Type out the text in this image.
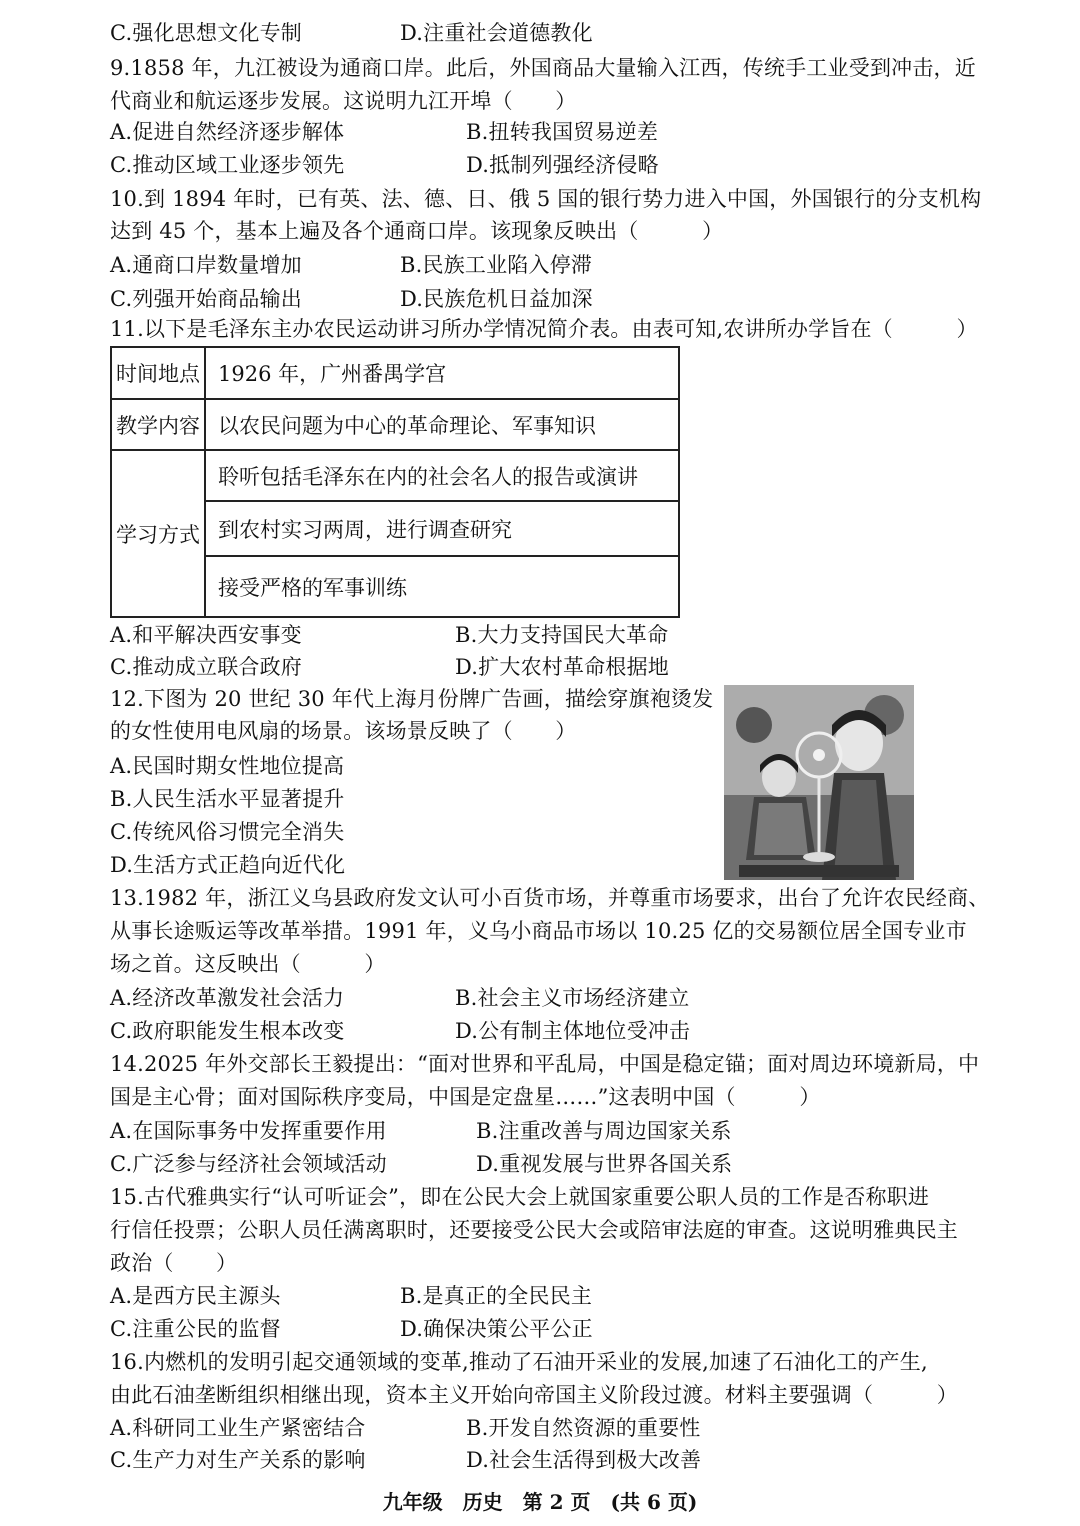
C.强化思想文化专制	D.注重社会道德教化
9.1858 年，九江被设为通商口岸。此后，外国商品大量输入江西，传统手工业受到冲击，近
代商业和航运逐步发展。这说明九江开埠（　　）
A.促进自然经济逐步解体	B.扭转我国贸易逆差
C.推动区域工业逐步领先	D.抵制列强经济侵略
10.到 1894 年时，已有英、法、德、日、俄 5 国的银行势力进入中国，外国银行的分支机构
达到 45 个，基本上遍及各个通商口岸。该现象反映出（　　　）
A.通商口岸数量增加	B.民族工业陷入停滞
C.列强开始商品输出	D.民族危机日益加深
11.以下是毛泽东主办农民运动讲习所办学情况简介表。由表可知,农讲所办学旨在（　　　）
时间地点	1926 年，广州番禺学宫
教学内容	以农民问题为中心的革命理论、军事知识
学习方式	聆听包括毛泽东在内的社会名人的报告或演讲
	到农村实习两周，进行调查研究
	接受严格的军事训练
A.和平解决西安事变	B.大力支持国民大革命
C.推动成立联合政府	D.扩大农村革命根据地
12.下图为 20 世纪 30 年代上海月份牌广告画，描绘穿旗袍烫发
的女性使用电风扇的场景。该场景反映了（　　）
A.民国时期女性地位提高
B.人民生活水平显著提升
C.传统风俗习惯完全消失
D.生活方式正趋向近代化
13.1982 年，浙江义乌县政府发文认可小百货市场，并尊重市场要求，出台了允许农民经商、
从事长途贩运等改革举措。1991 年，义乌小商品市场以 10.25 亿的交易额位居全国专业市
场之首。这反映出（　　　）
A.经济改革激发社会活力	B.社会主义市场经济建立
C.政府职能发生根本改变	D.公有制主体地位受冲击
14.2025 年外交部长王毅提出：“面对世界和平乱局，中国是稳定锚；面对周边环境新局，中
国是主心骨；面对国际秩序变局，中国是定盘星……”这表明中国（　　　）
A.在国际事务中发挥重要作用	B.注重改善与周边国家关系
C.广泛参与经济社会领域活动	D.重视发展与世界各国关系
15.古代雅典实行“认可听证会”，即在公民大会上就国家重要公职人员的工作是否称职进
行信任投票；公职人员任满离职时，还要接受公民大会或陪审法庭的审查。这说明雅典民主
政治（　　）
A.是西方民主源头	B.是真正的全民民主
C.注重公民的监督	D.确保决策公平公正
16.内燃机的发明引起交通领域的变革,推动了石油开采业的发展,加速了石油化工的产生,
由此石油垄断组织相继出现，资本主义开始向帝国主义阶段过渡。材料主要强调（　　　）
A.科研同工业生产紧密结合	B.开发自然资源的重要性
C.生产力对生产关系的影响	D.社会生活得到极大改善
九年级　历史　第 2 页　(共 6 页)
